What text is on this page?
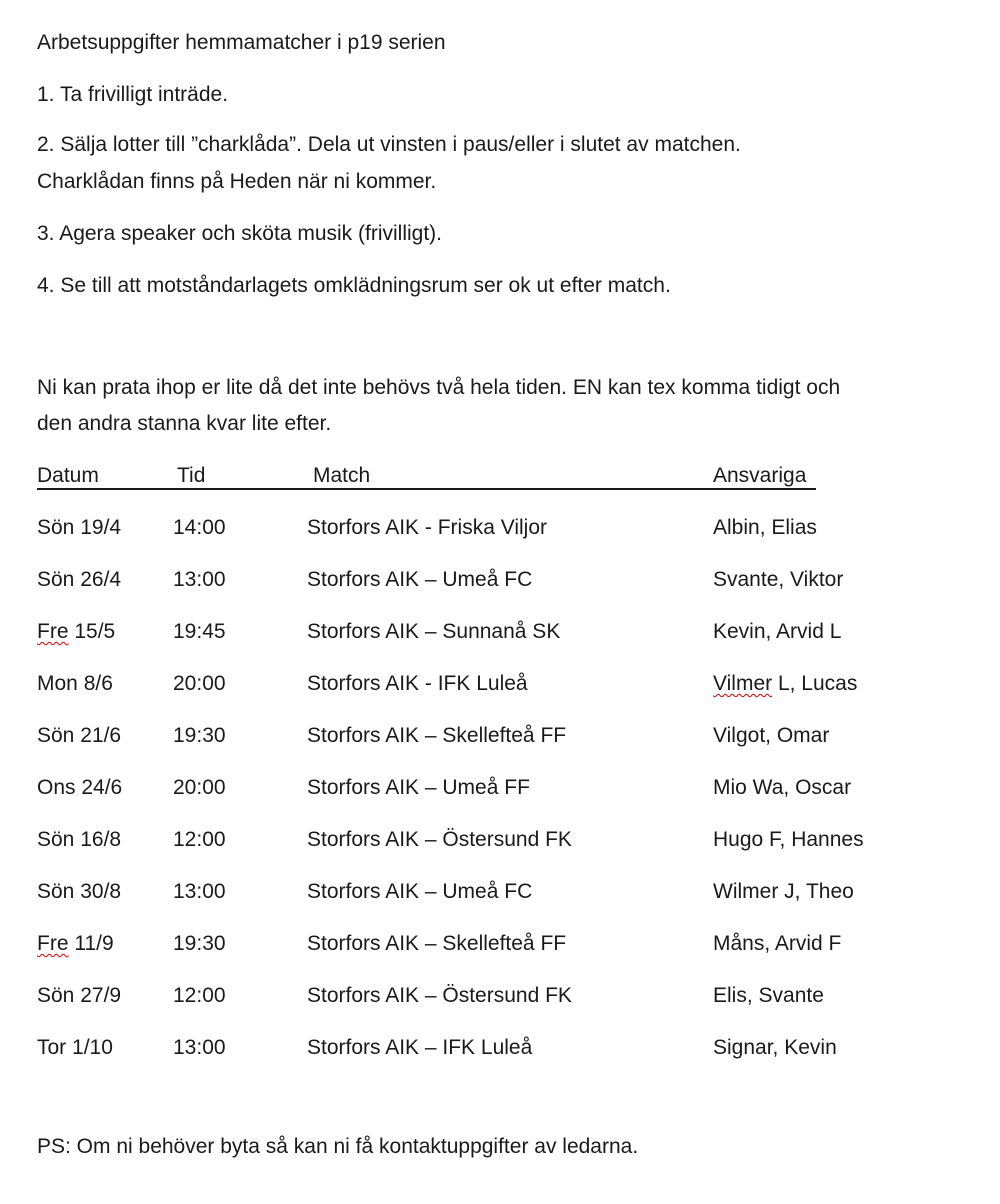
Arbetsuppgifter hemmamatcher i p19 serien
1. Ta frivilligt inträde.
2. Sälja lotter till ”charklåda”. Dela ut vinsten i paus/eller i slutet av matchen.
Charklådan finns på Heden när ni kommer.
3. Agera speaker och sköta musik (frivilligt).
4. Se till att motståndarlagets omklädningsrum ser ok ut efter match.
Ni kan prata ihop er lite då det inte behövs två hela tiden. EN kan tex komma tidigt och
den andra stanna kvar lite efter.
Datum	Tid	Match	Ansvariga
Sön 19/4 14:00	Storfors AIK - Friska Viljor	Albin, Elias
Sön 26/4 13:00	Storfors AIK – Umeå FC	Svante, Viktor
Fre 15/5	19:45	Storfors AIK – Sunnanå SK	Kevin, Arvid L
Mon 8/6	20:00	Storfors AIK - IFK Luleå	Vilmer L, Lucas
Sön 21/6 19:30	Storfors AIK – Skellefteå FF	Vilgot, Omar
Ons 24/6 20:00	Storfors AIK – Umeå FF	Mio Wa, Oscar
Sön 16/8 12:00	Storfors AIK – Östersund FK	Hugo F, Hannes
Sön 30/8 13:00	Storfors AIK – Umeå FC	Wilmer J, Theo
Fre 11/9	19:30	Storfors AIK – Skellefteå FF	Måns, Arvid F
Sön 27/9 12:00	Storfors AIK – Östersund FK	Elis, Svante
Tor 1/10	13:00	Storfors AIK – IFK Luleå	Signar, Kevin
PS: Om ni behöver byta så kan ni få kontaktuppgifter av ledarna.
